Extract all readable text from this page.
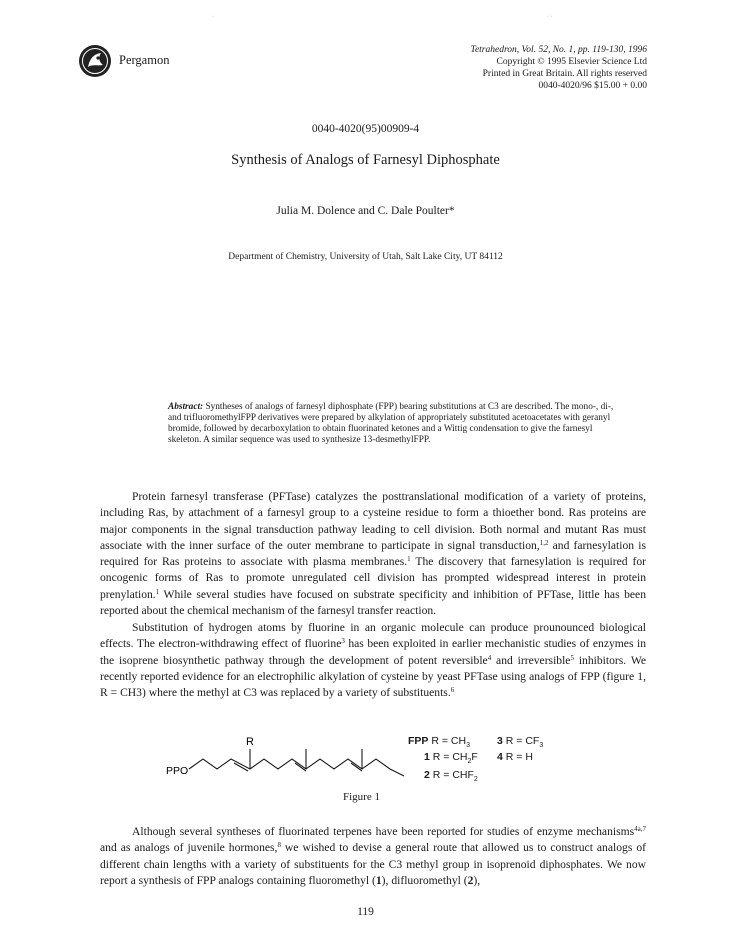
·                                                                                                                                                                                                                              · ·
Pergamon
Tetrahedron, Vol. 52, No. 1, pp. 119-130, 1996
Copyright © 1995 Elsevier Science Ltd
Printed in Great Britain. All rights reserved
0040-4020/96 $15.00 + 0.00
0040-4020(95)00909-4
Synthesis of Analogs of Farnesyl Diphosphate
Julia M. Dolence and C. Dale Poulter*
Department of Chemistry, University of Utah, Salt Lake City, UT 84112
Abstract: Syntheses of analogs of farnesyl diphosphate (FPP) bearing substitutions at C3 are described. The mono-, di-, and trifluoromethylFPP derivatives were prepared by alkylation of appropriately substituted acetoacetates with geranyl bromide, followed by decarboxylation to obtain fluorinated ketones and a Wittig condensation to give the farnesyl skeleton. A similar sequence was used to synthesize 13-desmethylFPP.

Protein farnesyl transferase (PFTase) catalyzes the posttranslational modification of a variety of proteins, including Ras, by attachment of a farnesyl group to a cysteine residue to form a thioether bond. Ras proteins are major components in the signal transduction pathway leading to cell division. Both normal and mutant Ras must associate with the inner surface of the outer membrane to participate in signal transduction,$^{1,2}$ and farnesylation is required for Ras proteins to associate with plasma membranes.$^1$ The discovery that farnesylation is required for oncogenic forms of Ras to promote unregulated cell division has prompted widespread interest in protein prenylation.$^1$ While several studies have focused on substrate specificity and inhibition of PFTase, little has been reported about the chemical mechanism of the farnesyl transfer reaction.

Substitution of hydrogen atoms by fluorine in an organic molecule can produce prounounced biological effects. The electron-withdrawing effect of fluorine$^3$ has been exploited in earlier mechanistic studies of enzymes in the isoprene biosynthetic pathway through the development of potent reversible$^4$ and irreversible$^5$ inhibitors. We recently reported evidence for an electrophilic alkylation of cysteine by yeast PFTase using analogs of FPP (figure 1, R = CH3) where the methyl at C3 was replaced by a variety of substituents.$^6$

R
PPO
FPP $R = CH_3$	3 $R = CF_3$
1 $R = CH_2F$ 4 R = H
2 $R = CHF_2$
Figure 1

Although several syntheses of fluorinated terpenes have been reported for studies of enzyme mechanisms$^{4a,7}$ and as analogs of juvenile hormones,$^8$ we wished to devise a general route that allowed us to construct analogs of different chain lengths with a variety of substituents for the C3 methyl group in isoprenoid diphosphates. We now report a synthesis of FPP analogs containing fluoromethyl (1), difluoromethyl (2),

119
